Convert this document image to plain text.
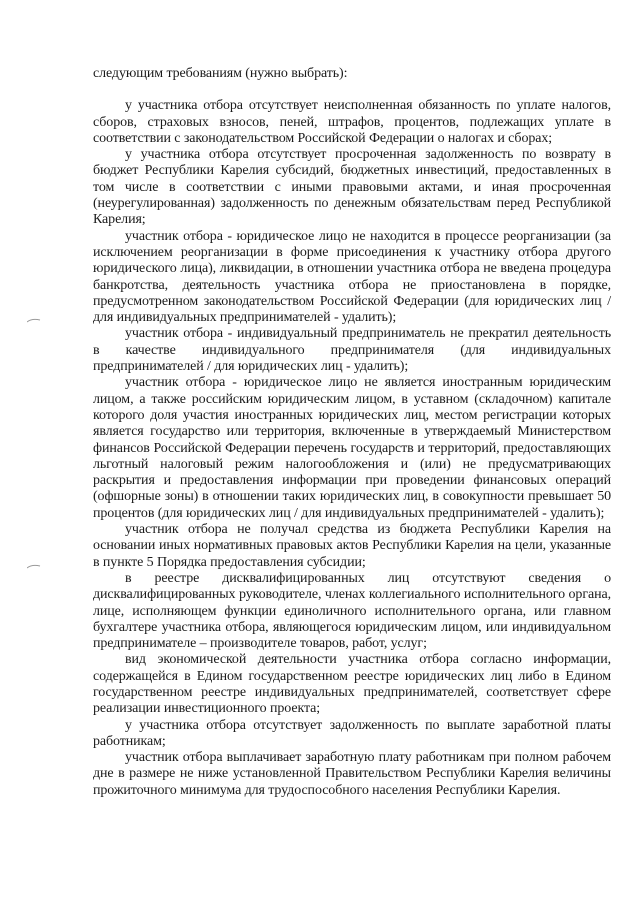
следующим требованиям (нужно выбрать):

у участника отбора отсутствует неисполненная обязанность по уплате налогов, сборов, страховых взносов, пеней, штрафов, процентов, подлежащих уплате в соответствии с законодательством Российской Федерации о налогах и сборах;

у участника отбора отсутствует просроченная задолженность по возврату в бюджет Республики Карелия субсидий, бюджетных инвестиций, предоставленных в том числе в соответствии с иными правовыми актами, и иная просроченная (неурегулированная) задолженность по денежным обязательствам перед Республикой Карелия;

участник отбора - юридическое лицо не находится в процессе реорганизации (за исключением реорганизации в форме присоединения к участнику отбора другого юридического лица), ликвидации, в отношении участника отбора не введена процедура банкротства, деятельность участника отбора не приостановлена в порядке, предусмотренном законодательством Российской Федерации (для юридических лиц / для индивидуальных предпринимателей - удалить);

участник отбора - индивидуальный предприниматель не прекратил деятельность в качестве индивидуального предпринимателя (для индивидуальных предпринимателей / для юридических лиц - удалить);

участник отбора - юридическое лицо не является иностранным юридическим лицом, а также российским юридическим лицом, в уставном (складочном) капитале которого доля участия иностранных юридических лиц, местом регистрации которых является государство или территория, включенные в утверждаемый Министерством финансов Российской Федерации перечень государств и территорий, предоставляющих льготный налоговый режим налогообложения и (или) не предусматривающих раскрытия и предоставления информации при проведении финансовых операций (офшорные зоны) в отношении таких юридических лиц, в совокупности превышает 50 процентов (для юридических лиц / для индивидуальных предпринимателей - удалить);

участник отбора не получал средства из бюджета Республики Карелия на основании иных нормативных правовых актов Республики Карелия на цели, указанные в пункте 5 Порядка предоставления субсидии;

в реестре дисквалифицированных лиц отсутствуют сведения о дисквалифицированных руководителе, членах коллегиального исполнительного органа, лице, исполняющем функции единоличного исполнительного органа, или главном бухгалтере участника отбора, являющегося юридическим лицом, или индивидуальном предпринимателе – производителе товаров, работ, услуг;

вид экономической деятельности участника отбора согласно информации, содержащейся в Едином государственном реестре юридических лиц либо в Едином государственном реестре индивидуальных предпринимателей, соответствует сфере реализации инвестиционного проекта;

у участника отбора отсутствует задолженность по выплате заработной платы работникам;

участник отбора выплачивает заработную плату работникам при полном рабочем дне в размере не ниже установленной Правительством Республики Карелия величины прожиточного минимума для трудоспособного населения Республики Карелия.
